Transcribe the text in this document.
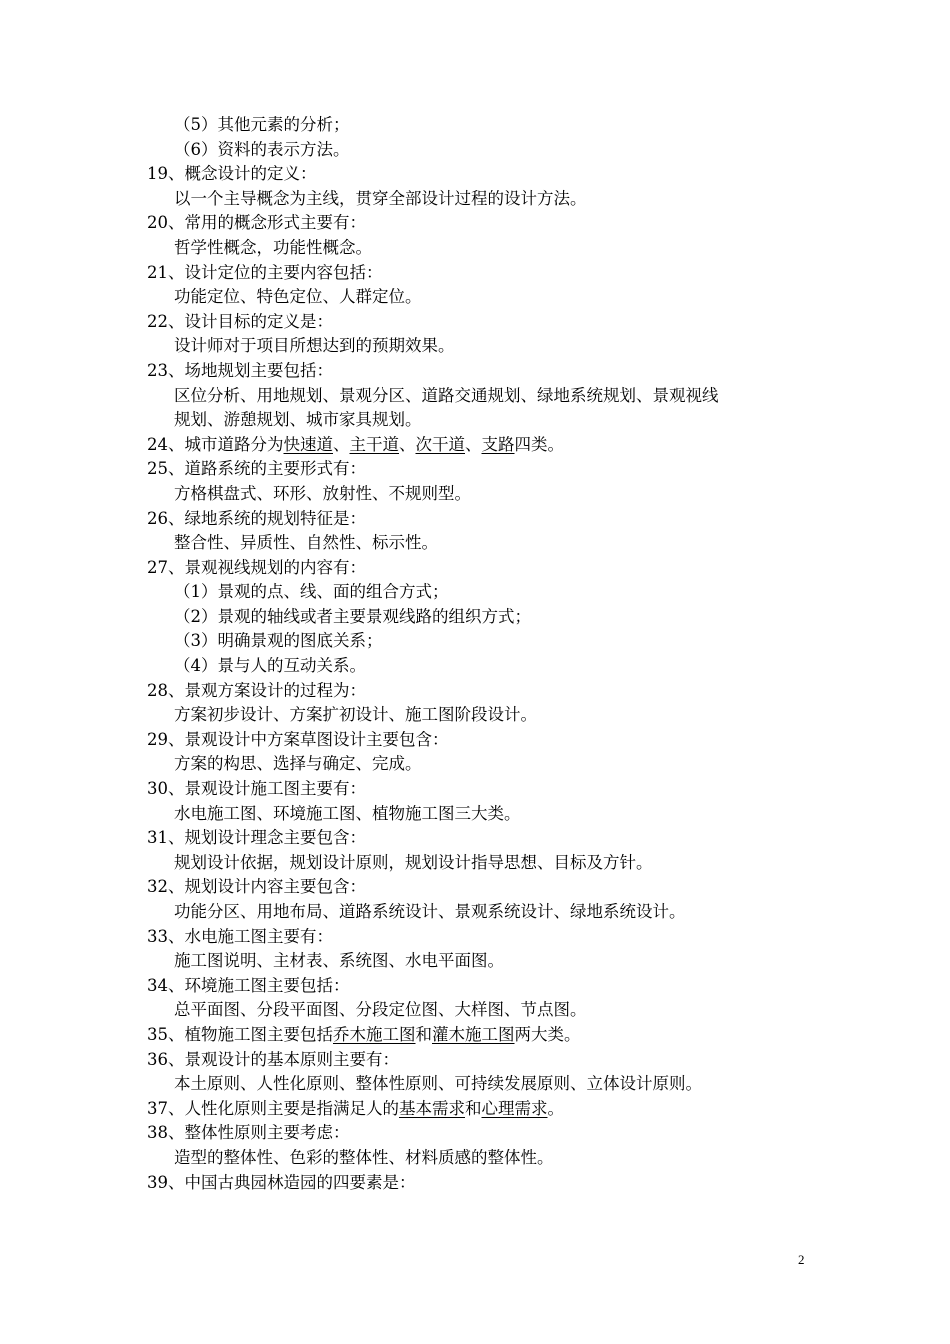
（5）其他元素的分析；
（6）资料的表示方法。
19、概念设计的定义：
以一个主导概念为主线，贯穿全部设计过程的设计方法。
20、常用的概念形式主要有：
哲学性概念，功能性概念。
21、设计定位的主要内容包括：
功能定位、特色定位、人群定位。
22、设计目标的定义是：
设计师对于项目所想达到的预期效果。
23、场地规划主要包括：
区位分析、用地规划、景观分区、道路交通规划、绿地系统规划、景观视线
规划、游憩规划、城市家具规划。
24、城市道路分为快速道、主干道、次干道、支路四类。
25、道路系统的主要形式有：
方格棋盘式、环形、放射性、不规则型。
26、绿地系统的规划特征是：
整合性、异质性、自然性、标示性。
27、景观视线规划的内容有：
（1）景观的点、线、面的组合方式；
（2）景观的轴线或者主要景观线路的组织方式；
（3）明确景观的图底关系；
（4）景与人的互动关系。
28、景观方案设计的过程为：
方案初步设计、方案扩初设计、施工图阶段设计。
29、景观设计中方案草图设计主要包含：
方案的构思、选择与确定、完成。
30、景观设计施工图主要有：
水电施工图、环境施工图、植物施工图三大类。
31、规划设计理念主要包含：
规划设计依据，规划设计原则，规划设计指导思想、目标及方针。
32、规划设计内容主要包含：
功能分区、用地布局、道路系统设计、景观系统设计、绿地系统设计。
33、水电施工图主要有：
施工图说明、主材表、系统图、水电平面图。
34、环境施工图主要包括：
总平面图、分段平面图、分段定位图、大样图、节点图。
35、植物施工图主要包括乔木施工图和灌木施工图两大类。
36、景观设计的基本原则主要有：
本土原则、人性化原则、整体性原则、可持续发展原则、立体设计原则。
37、人性化原则主要是指满足人的基本需求和心理需求。
38、整体性原则主要考虑：
造型的整体性、色彩的整体性、材料质感的整体性。
39、中国古典园林造园的四要素是：
2
